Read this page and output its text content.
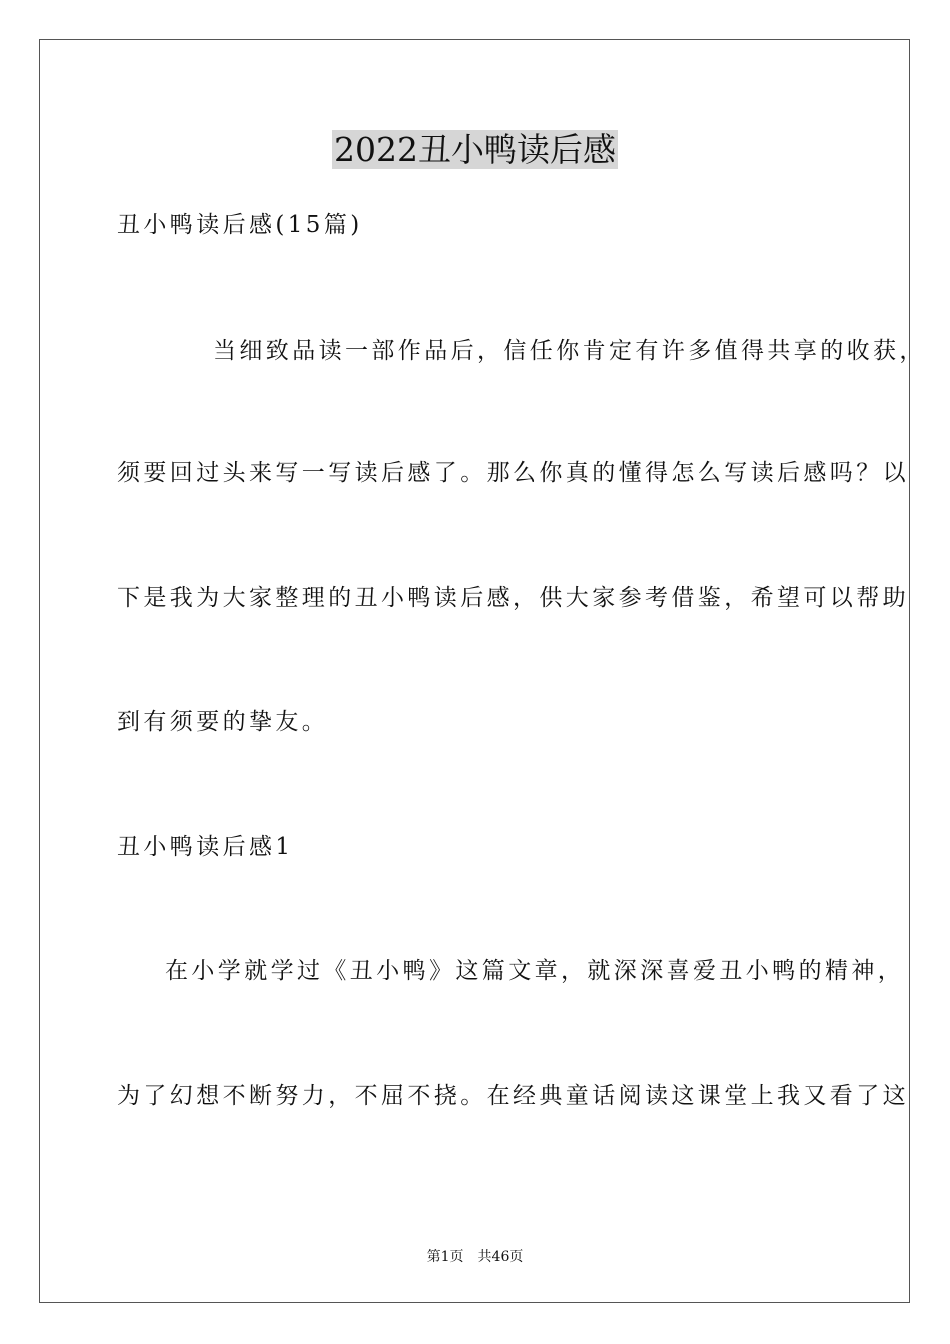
2022丑小鸭读后感
丑小鸭读后感(15篇)
当细致品读一部作品后，信任你肯定有许多值得共享的收获，
须要回过头来写一写读后感了。那么你真的懂得怎么写读后感吗？以
下是我为大家整理的丑小鸭读后感，供大家参考借鉴，希望可以帮助
到有须要的挚友。
丑小鸭读后感1
在小学就学过《丑小鸭》这篇文章，就深深喜爱丑小鸭的精神，
为了幻想不断努力，不屈不挠。在经典童话阅读这课堂上我又看了这
第1页　共46页
